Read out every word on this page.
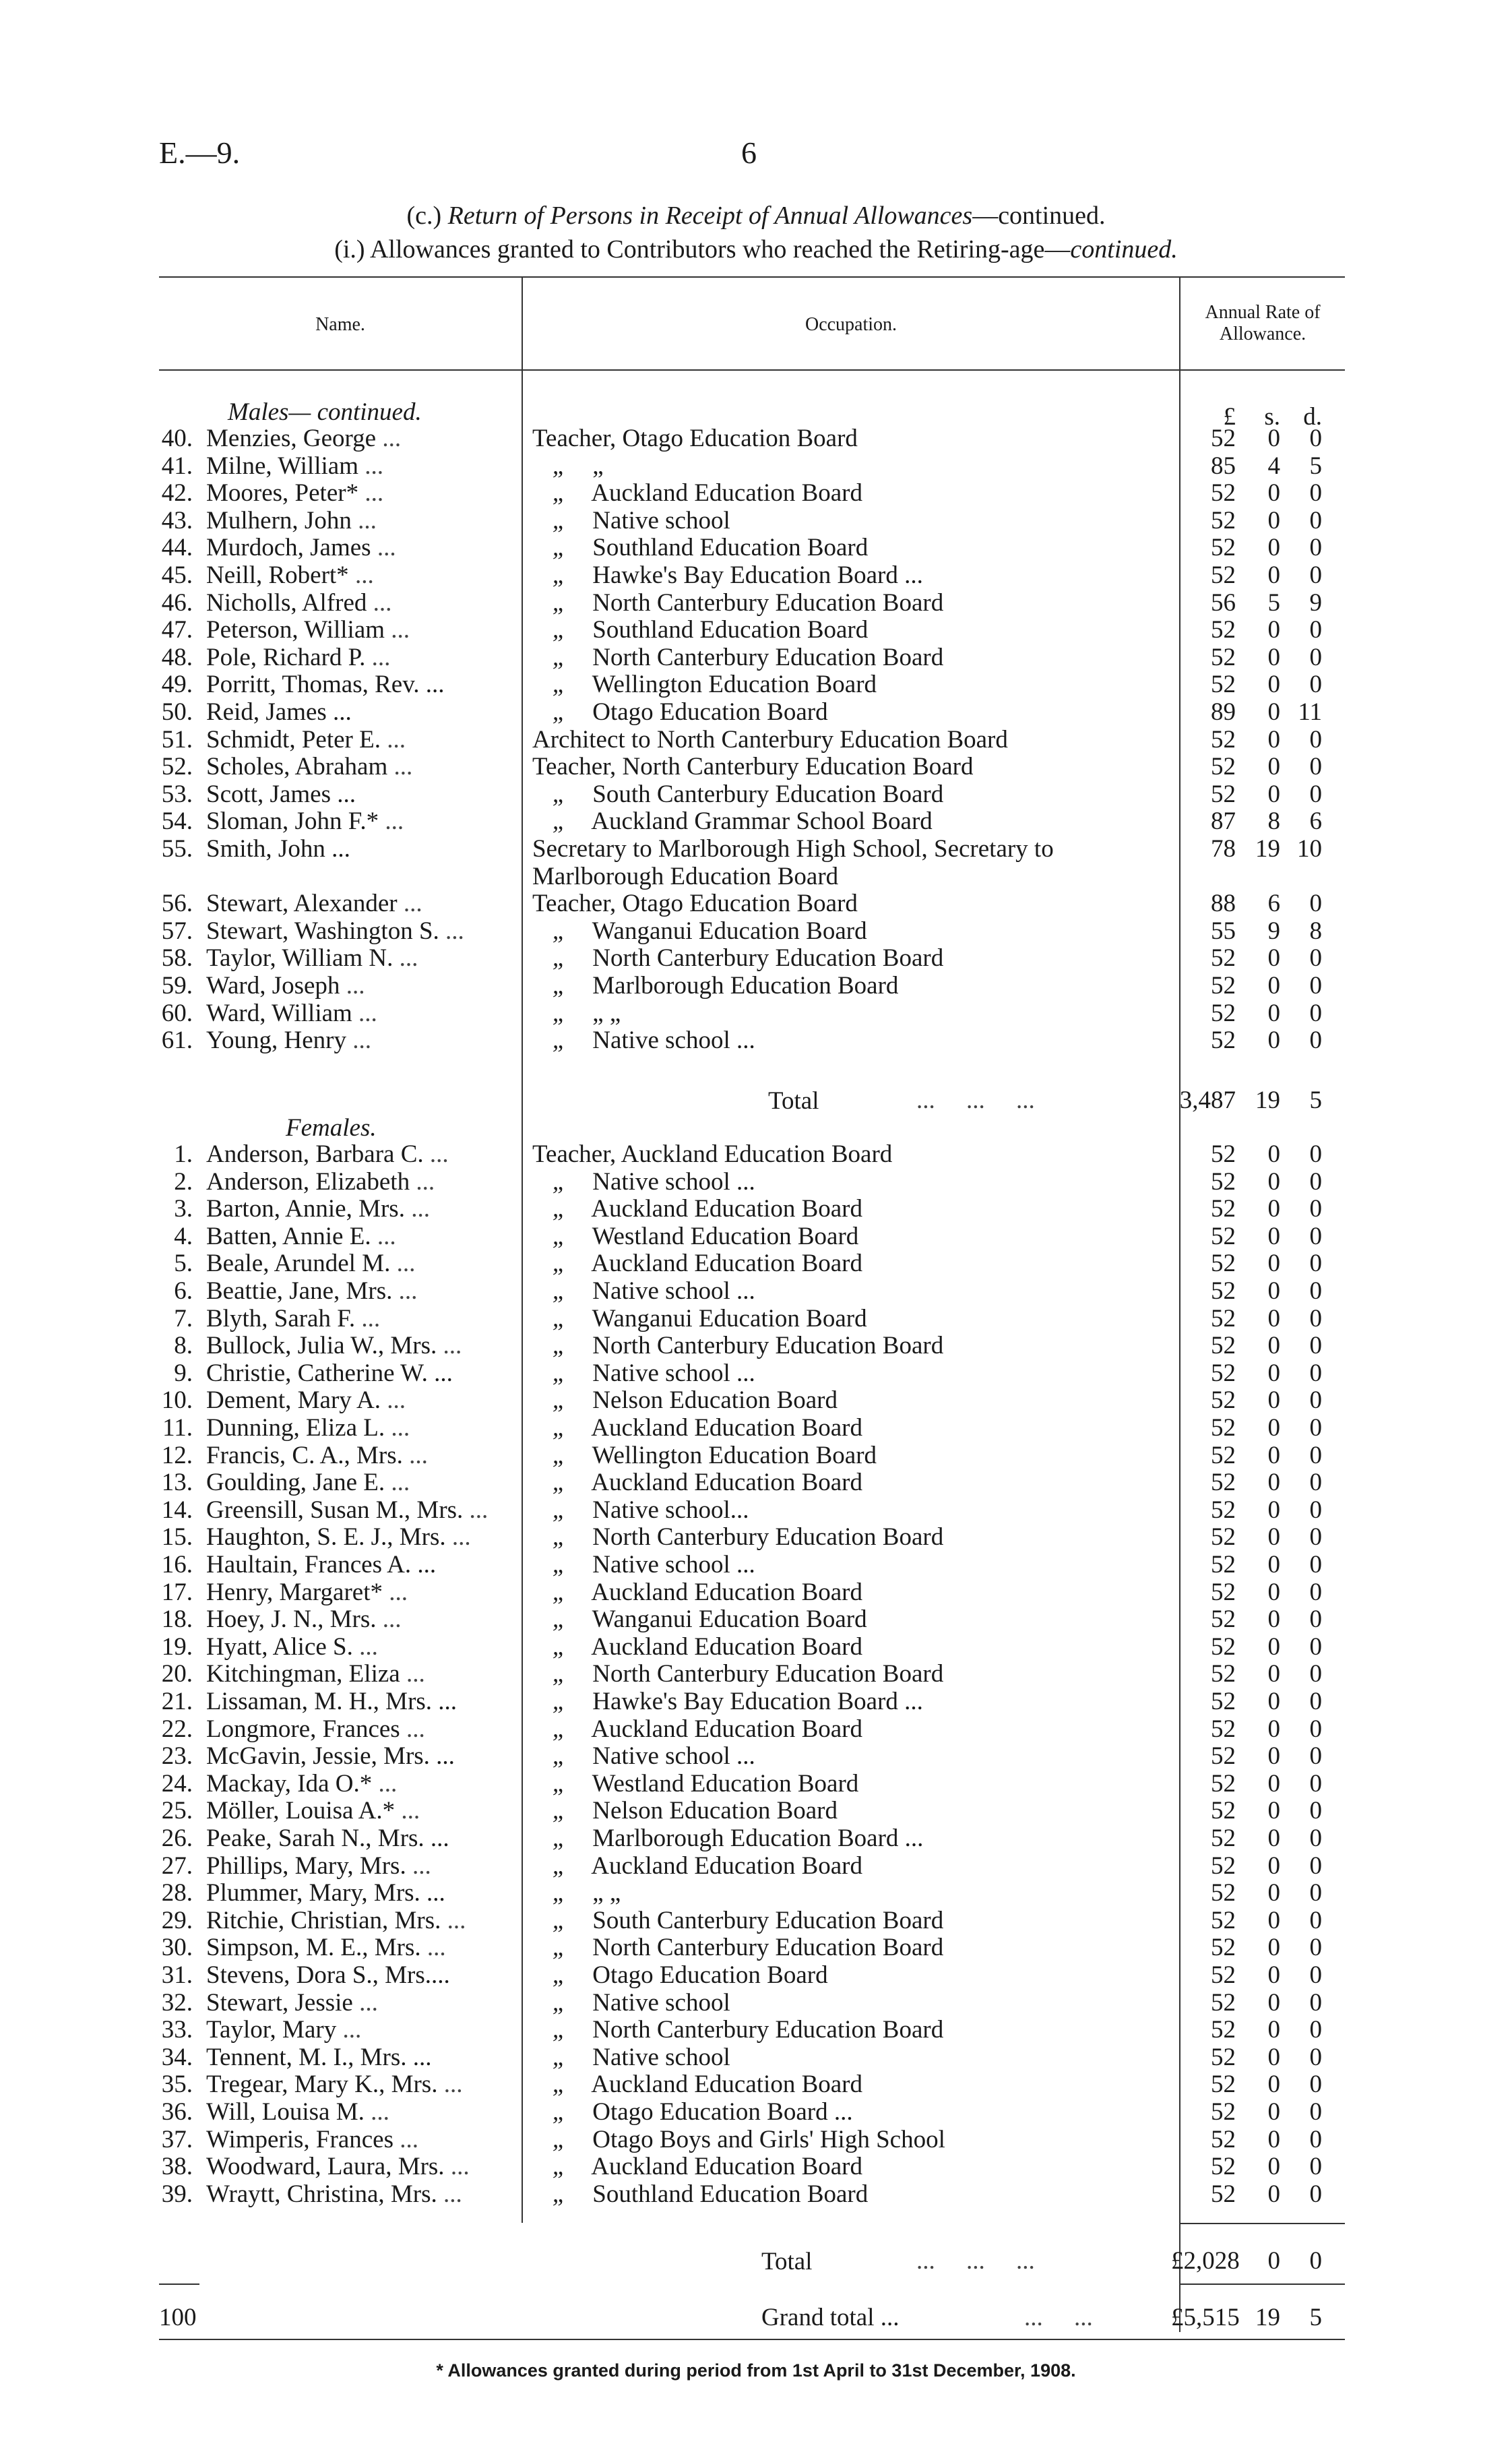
E.—9.	6
(c.) Return of Persons in Receipt of Annual Allowances—continued.
(i.) Allowances granted to Contributors who reached the Retiring-age—continued.
Name.	Occupation.
Annual Rate of
Allowance.
Males— continued.	£	s. d.
40. Menzies, George ...	Teacher, Otago Education Board	52	0	0
41. Milne, William ...	„ „	85	4	5
42. Moores, Peter* ...	„ Auckland Education Board	52	0	0
43. Mulhern, John ...	„ Native school	52	0	0
44. Murdoch, James ...	„ Southland Education Board	52	0	0
45. Neill, Robert* ...	„ Hawke's Bay Education Board ...	52	0	0
46. Nicholls, Alfred ...	„ North Canterbury Education Board	56	5	9
47. Peterson, William ...	„ Southland Education Board	52	0	0
48. Pole, Richard P. ...	„ North Canterbury Education Board	52	0	0
49. Porritt, Thomas, Rev. ...	„ Wellington Education Board	52	0	0
50. Reid, James ...	„ Otago Education Board	89	0 11
51. Schmidt, Peter E. ...	Architect to North Canterbury Education Board	52	0	0
52. Scholes, Abraham ...	Teacher, North Canterbury Education Board	52	0	0
53. Scott, James ...	„ South Canterbury Education Board	52	0	0
54. Sloman, John F.* ...	„ Auckland Grammar School Board	87	8	6
55. Smith, John ...	Secretary to Marlborough High School, Secretary to	78 19 10
Marlborough Education Board
56. Stewart, Alexander ...	Teacher, Otago Education Board	88	6	0
57. Stewart, Washington S. ...	„ Wanganui Education Board	55	9	8
58. Taylor, William N. ...	„ North Canterbury Education Board	52	0	0
59. Ward, Joseph ...	„ Marlborough Education Board	52	0	0
60. Ward, William ...	„ „ „	52	0	0
61. Young, Henry ...	„ Native school ...	52	0	0
Total	...     ...     ...	3,487 19	5
Females.
1. Anderson, Barbara C. ...	Teacher, Auckland Education Board	52	0	0
2. Anderson, Elizabeth ...	„ Native school ...	52	0	0
3. Barton, Annie, Mrs. ...	„ Auckland Education Board	52	0	0
4. Batten, Annie E. ...	„ Westland Education Board	52	0	0
5. Beale, Arundel M. ...	„ Auckland Education Board	52	0	0
6. Beattie, Jane, Mrs. ...	„ Native school ...	52	0	0
7. Blyth, Sarah F. ...	„ Wanganui Education Board	52	0	0
8. Bullock, Julia W., Mrs. ...	„ North Canterbury Education Board	52	0	0
9. Christie, Catherine W. ...	„ Native school ...	52	0	0
10. Dement, Mary A. ...	„ Nelson Education Board	52	0	0
11. Dunning, Eliza L. ...	„ Auckland Education Board	52	0	0
12. Francis, C. A., Mrs. ...	„ Wellington Education Board	52	0	0
13. Goulding, Jane E. ...	„ Auckland Education Board	52	0	0
14. Greensill, Susan M., Mrs. ...	„ Native school...	52	0	0
15. Haughton, S. E. J., Mrs. ...	„ North Canterbury Education Board	52	0	0
16. Haultain, Frances A. ...	„ Native school ...	52	0	0
17. Henry, Margaret* ...	„ Auckland Education Board	52	0	0
18. Hoey, J. N., Mrs. ...	„ Wanganui Education Board	52	0	0
19. Hyatt, Alice S. ...	„ Auckland Education Board	52	0	0
20. Kitchingman, Eliza ...	„ North Canterbury Education Board	52	0	0
21. Lissaman, M. H., Mrs. ...	„ Hawke's Bay Education Board ...	52	0	0
22. Longmore, Frances ...	„ Auckland Education Board	52	0	0
23. McGavin, Jessie, Mrs. ...	„ Native school ...	52	0	0
24. Mackay, Ida O.* ...	„ Westland Education Board	52	0	0
25. Möller, Louisa A.* ...	„ Nelson Education Board	52	0	0
26. Peake, Sarah N., Mrs. ...	„ Marlborough Education Board ...	52	0	0
27. Phillips, Mary, Mrs. ...	„ Auckland Education Board	52	0	0
28. Plummer, Mary, Mrs. ...	„ „ „	52	0	0
29. Ritchie, Christian, Mrs. ...	„ South Canterbury Education Board	52	0	0
30. Simpson, M. E., Mrs. ...	„ North Canterbury Education Board	52	0	0
31. Stevens, Dora S., Mrs....	„ Otago Education Board	52	0	0
32. Stewart, Jessie ...	„ Native school	52	0	0
33. Taylor, Mary ...	„ North Canterbury Education Board	52	0	0
34. Tennent, M. I., Mrs. ...	„ Native school	52	0	0
35. Tregear, Mary K., Mrs. ...	„ Auckland Education Board	52	0	0
36. Will, Louisa M. ...	„ Otago Education Board ...	52	0	0
37. Wimperis, Frances ...	„ Otago Boys and Girls' High School	52	0	0
38. Woodward, Laura, Mrs. ...	„ Auckland Education Board	52	0	0
39. Wraytt, Christina, Mrs. ...	„ Southland Education Board	52	0	0
Total	...     ...     ...	£2,028	0	0
100	Grand total ...	...     ...	£5,515 19	5
* Allowances granted during period from 1st April to 31st December, 1908.
